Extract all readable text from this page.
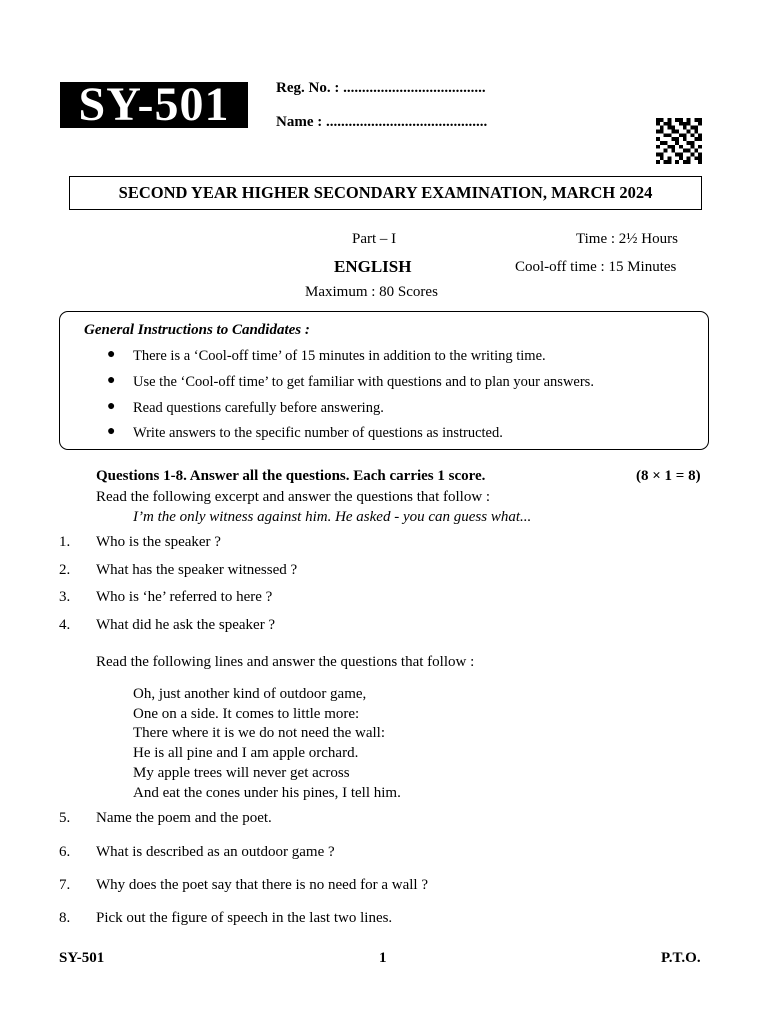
SY-501	Reg. No. : ......................................
Name : ...........................................
SECOND YEAR HIGHER SECONDARY EXAMINATION, MARCH 2024
Part – I
ENGLISH
Maximum : 80 Scores
Time : 2½ Hours
Cool-off time : 15 Minutes
General Instructions to Candidates :
● There is a ‘Cool-off time’ of 15 minutes in addition to the writing time.
● Use the ‘Cool-off time’ to get familiar with questions and to plan your answers.
● Read questions carefully before answering.
● Write answers to the specific number of questions as instructed.
Questions 1-8. Answer all the questions. Each carries 1 score.	(8 × 1 = 8)
Read the following excerpt and answer the questions that follow :
I’m the only witness against him. He asked - you can guess what...
1. Who is the speaker ?
2. What has the speaker witnessed ?
3. Who is ‘he’ referred to here ?
4. What did he ask the speaker ?
Read the following lines and answer the questions that follow :
Oh, just another kind of outdoor game,
One on a side. It comes to little more:
There where it is we do not need the wall:
He is all pine and I am apple orchard.
My apple trees will never get across
And eat the cones under his pines, I tell him.
5. Name the poem and the poet.
6. What is described as an outdoor game ?
7. Why does the poet say that there is no need for a wall ?
8. Pick out the figure of speech in the last two lines.
SY-501	1	P.T.O.
